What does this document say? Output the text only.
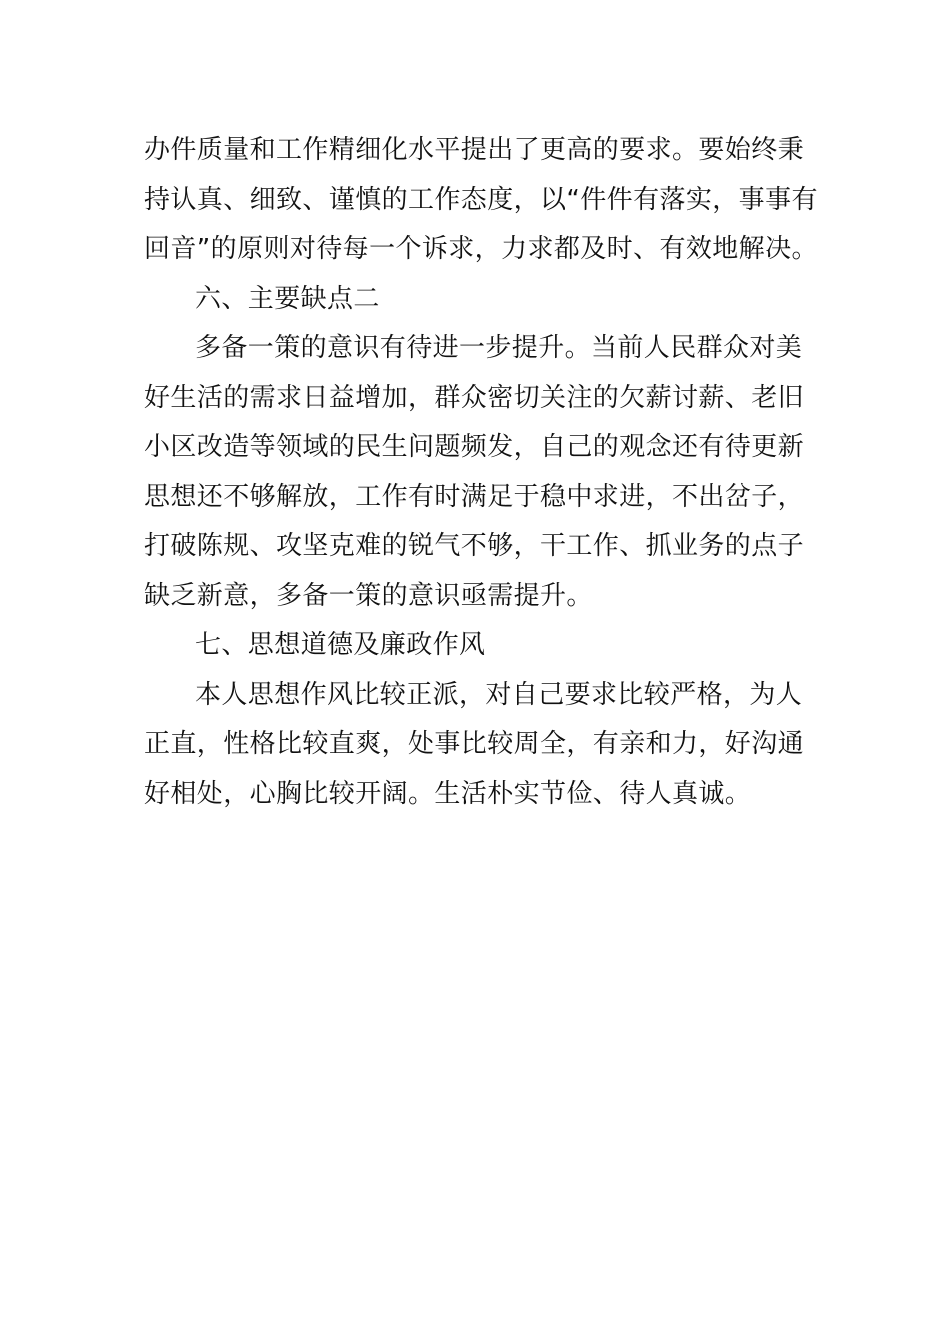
办件质量和工作精细化水平提出了更高的要求。要始终秉
持认真、细致、谨慎的工作态度，以“件件有落实，事事有
回音”的原则对待每一个诉求，力求都及时、有效地解决。
六、主要缺点二
多备一策的意识有待进一步提升。当前人民群众对美
好生活的需求日益增加，群众密切关注的欠薪讨薪、老旧
小区改造等领域的民生问题频发，自己的观念还有待更新
思想还不够解放，工作有时满足于稳中求进，不出岔子，
打破陈规、攻坚克难的锐气不够，干工作、抓业务的点子
缺乏新意，多备一策的意识亟需提升。
七、思想道德及廉政作风
本人思想作风比较正派，对自己要求比较严格，为人
正直，性格比较直爽，处事比较周全，有亲和力，好沟通
好相处，心胸比较开阔。生活朴实节俭、待人真诚。
